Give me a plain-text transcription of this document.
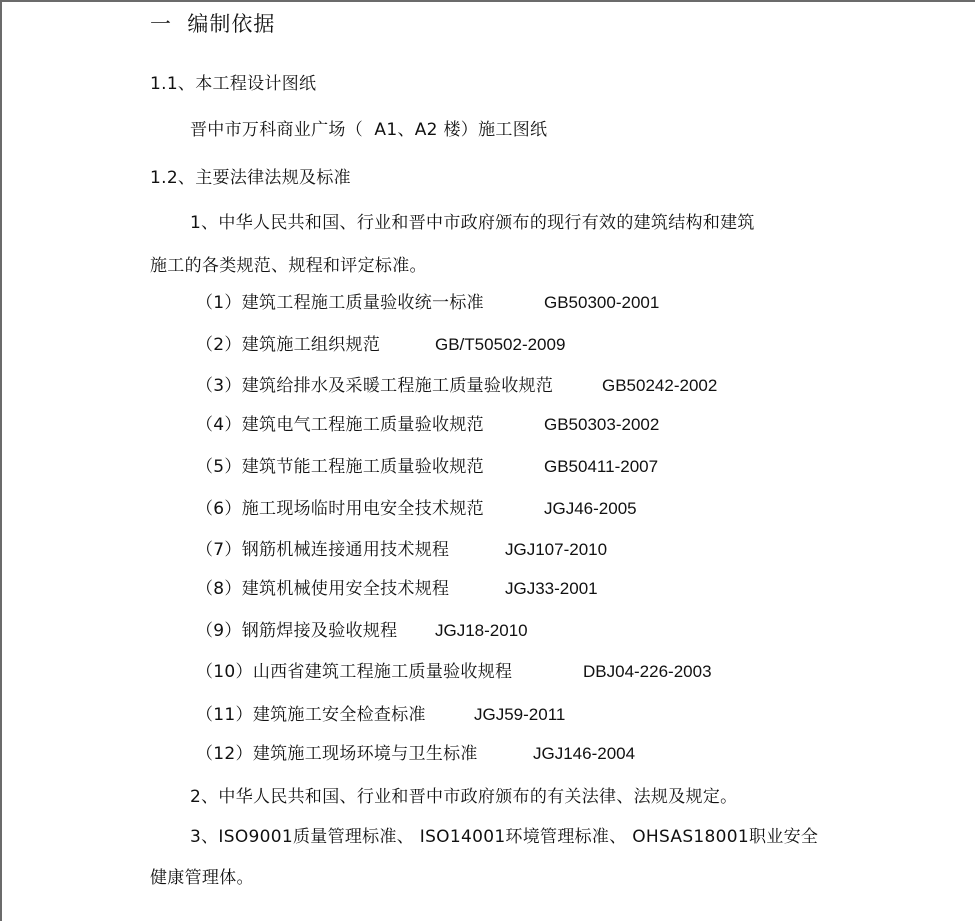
一  编制依据
1.1、本工程设计图纸
晋中市万科商业广场（  A1、A2 楼）施工图纸
1.2、主要法律法规及标准
1、中华人民共和国、行业和晋中市政府颁布的现行有效的建筑结构和建筑
施工的各类规范、规程和评定标准。
（1）建筑工程施工质量验收统一标准	GB50300-2001
（2）建筑施工组织规范	GB/T50502-2009
（3）建筑给排水及采暖工程施工质量验收规范	GB50242-2002
（4）建筑电气工程施工质量验收规范	GB50303-2002
（5）建筑节能工程施工质量验收规范	GB50411-2007
（6）施工现场临时用电安全技术规范	JGJ46-2005
（7）钢筋机械连接通用技术规程	JGJ107-2010
（8）建筑机械使用安全技术规程	JGJ33-2001
（9）钢筋焊接及验收规程 JGJ18-2010
（10）山西省建筑工程施工质量验收规程	DBJ04-226-2003
（11）建筑施工安全检查标准	JGJ59-2011
（12）建筑施工现场环境与卫生标准	JGJ146-2004
2、中华人民共和国、行业和晋中市政府颁布的有关法律、法规及规定。
3、ISO9001质量管理标准、 ISO14001环境管理标准、 OHSAS18001职业安全
健康管理体。
